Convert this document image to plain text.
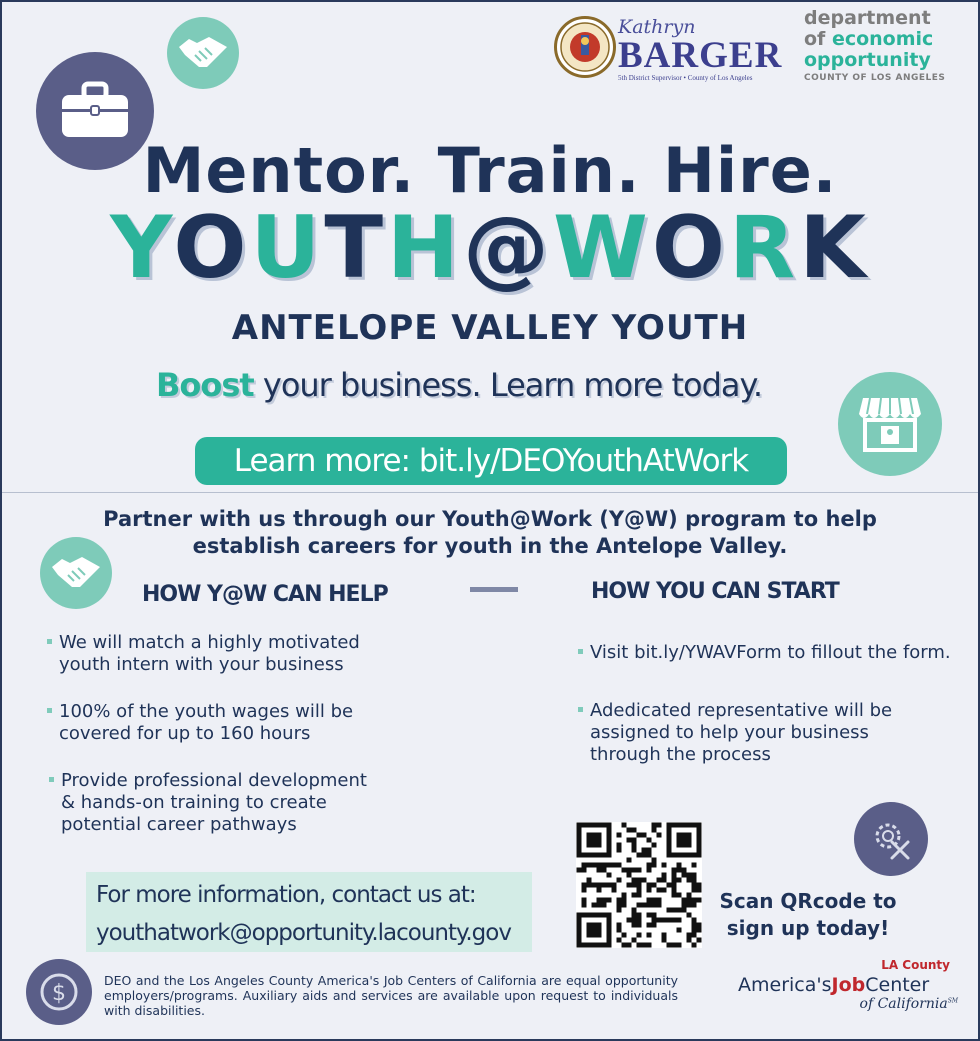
Kathryn
BARGER
5th District Supervisor • County of Los Angeles
department
of economic
opportunity
COUNTY OF LOS ANGELES
Mentor. Train. Hire.
YOUTH@WORK
ANTELOPE VALLEY YOUTH
Boost your business. Learn more today.
Learn more: bit.ly/DEOYouthAtWork
Partner with us through our Youth@Work (Y@W) program to help
establish careers for youth in the Antelope Valley.
HOW Y@W CAN HELP	HOW YOU CAN START
We will match a highly motivated
youth intern with your business
100% of the youth wages will be
covered for up to 160 hours
Provide professional development
& hands-on training to create
potential career pathways
Visit bit.ly/YWAVForm to fillout the form.
Adedicated representative will be
assigned to help your business
through the process
Scan QRcode to
sign up today!
For more information, contact us at:
youthatwork@opportunity.lacounty.gov
$
DEO and the Los Angeles County America's Job Centers of California are equal opportunity employers/programs. Auxiliary aids and services are available upon request to individuals with disabilities.
LA County
America'sJobCenter
of California℠
